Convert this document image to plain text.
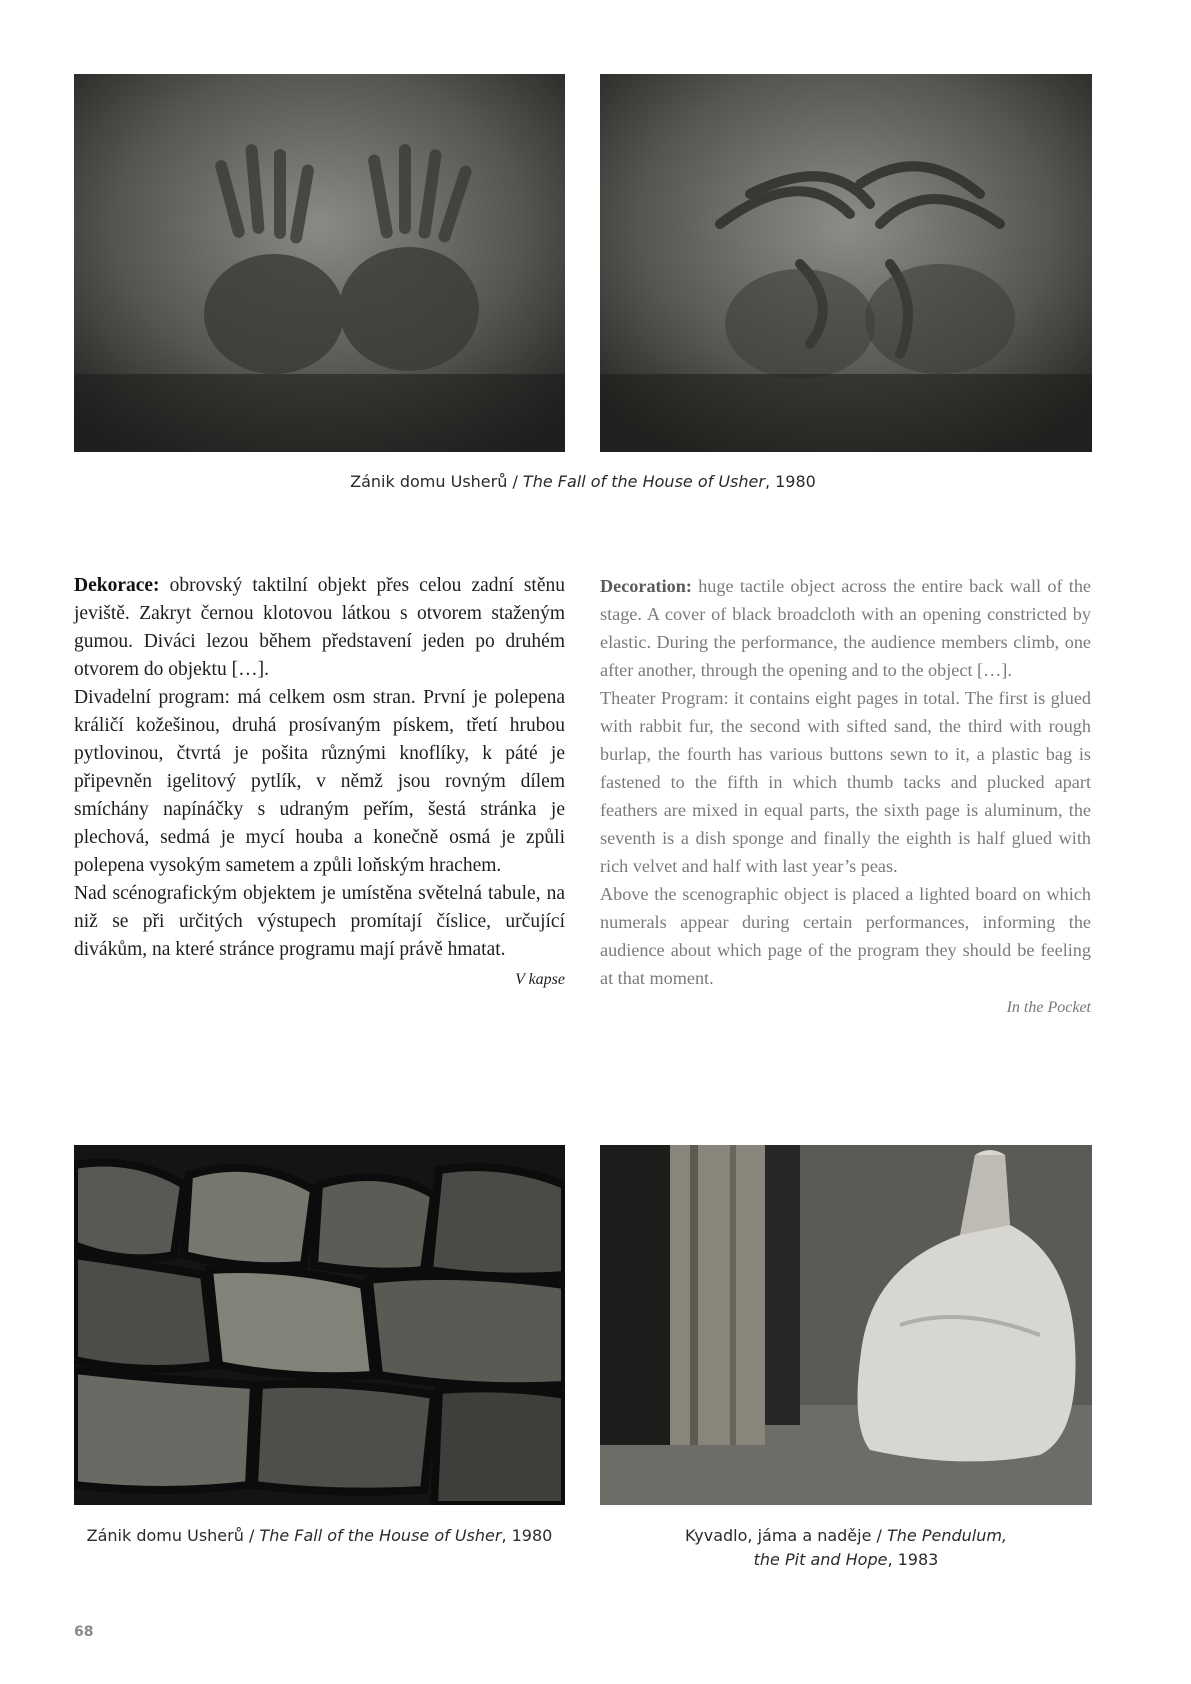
Zánik domu Usherů / The Fall of the House of Usher, 1980

Dekorace: obrovský taktilní objekt přes celou zadní stěnu jeviště. Zakryt černou klotovou látkou s otvorem staženým gumou. Diváci lezou během představení jeden po druhém otvorem do objektu […].

Divadelní program: má celkem osm stran. První je polepena králičí kožešinou, druhá prosívaným pískem, třetí hrubou pytlovinou, čtvrtá je pošita různými knoflíky, k páté je připevněn igelitový pytlík, v němž jsou rovným dílem smíchány napínáčky s udraným peřím, šestá stránka je plechová, sedmá je mycí houba a konečně osmá je způli polepena vysokým sametem a způli loňským hrachem.

Nad scénografickým objektem je umístěna světelná tabule, na niž se při určitých výstupech promítají číslice, určující divákům, na které stránce programu mají právě hmatat.

V kapse

Decoration: huge tactile object across the entire back wall of the stage. A cover of black broadcloth with an opening constricted by elastic. During the performance, the audience members climb, one after another, through the opening and to the object […].

Theater Program: it contains eight pages in total. The first is glued with rabbit fur, the second with sifted sand, the third with rough burlap, the fourth has various buttons sewn to it, a plastic bag is fastened to the fifth in which thumb tacks and plucked apart feathers are mixed in equal parts, the sixth page is aluminum, the seventh is a dish sponge and finally the eighth is half glued with rich velvet and half with last year’s peas.

Above the scenographic object is placed a lighted board on which numerals appear during certain performances, informing the audience about which page of the program they should be feeling at that moment.

In the Pocket
Zánik domu Usherů / The Fall of the House of Usher, 1980	Kyvadlo, jáma a naděje / The Pendulum,
the Pit and Hope, 1983
68
